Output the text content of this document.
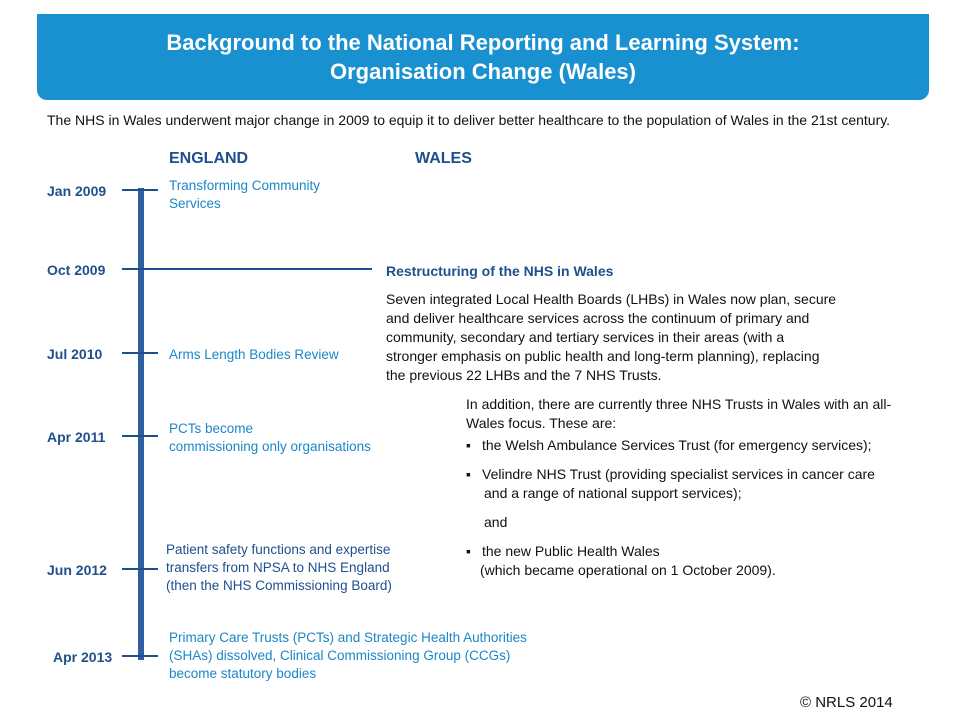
Background to the National Reporting and Learning System:
Organisation Change (Wales)
The NHS in Wales underwent major change in 2009 to equip it to deliver better healthcare to the population of Wales in the 21st century.
ENGLAND	WALES
Jan 2009
Oct 2009
Jul 2010
Apr 2011
Jun 2012
Apr 2013
Transforming Community
Services
Arms Length Bodies Review
PCTs become
commissioning only organisations
Patient safety functions and expertise
transfers from NPSA to NHS England
(then the NHS Commissioning Board)
Primary Care Trusts (PCTs) and Strategic Health Authorities
(SHAs) dissolved, Clinical Commissioning Group (CCGs)
become statutory bodies
Restructuring of the NHS in Wales
Seven integrated Local Health Boards (LHBs) in Wales now plan, secure
and deliver healthcare services across the continuum of primary and
community, secondary and tertiary services in their areas (with a
stronger emphasis on public health and long-term planning), replacing
the previous 22 LHBs and the 7 NHS Trusts.
In addition, there are currently three NHS Trusts in Wales with an all-
Wales focus. These are:
▪ the Welsh Ambulance Services Trust (for emergency services);
▪ Velindre NHS Trust (providing specialist services in cancer care
and a range of national support services);
and
▪ the new Public Health Wales
(which became operational on 1 October 2009).
© NRLS 2014
